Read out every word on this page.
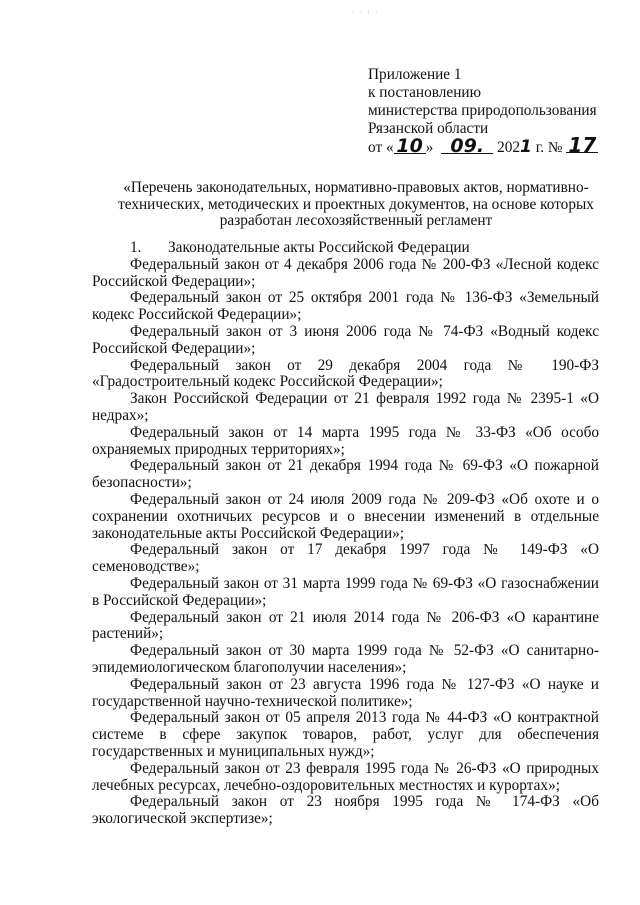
. . : .
Приложение 1
к постановлению
министерства природопользования
Рязанской области
от « 10 » 09. 2021 г. № 17
«Перечень законодательных, нормативно-правовых актов, нормативно-технических, методических и проектных документов, на основе которых разработан лесохозяйственный регламент
1. Законодательные акты Российской Федерации

Федеральный закон от 4 декабря 2006 года № 200-ФЗ «Лесной кодекс Российской Федерации»;

Федеральный закон от 25 октября 2001 года № 136-ФЗ «Земельный кодекс Российской Федерации»;

Федеральный закон от 3 июня 2006 года № 74-ФЗ «Водный кодекс Российской Федерации»;

Федеральный закон от 29 декабря 2004 года № 190-ФЗ «Градостроительный кодекс Российской Федерации»;

Закон Российской Федерации от 21 февраля 1992 года № 2395-1 «О недрах»;

Федеральный закон от 14 марта 1995 года № 33-ФЗ «Об особо охраняемых природных территориях»;

Федеральный закон от 21 декабря 1994 года № 69-ФЗ «О пожарной безопасности»;

Федеральный закон от 24 июля 2009 года № 209-ФЗ «Об охоте и о сохранении охотничьих ресурсов и о внесении изменений в отдельные законодательные акты Российской Федерации»;

Федеральный закон от 17 декабря 1997 года № 149-ФЗ «О семеноводстве»;

Федеральный закон от 31 марта 1999 года № 69-ФЗ «О газоснабжении в Российской Федерации»;

Федеральный закон от 21 июля 2014 года № 206-ФЗ «О карантине растений»;

Федеральный закон от 30 марта 1999 года № 52-ФЗ «О санитарно-эпидемиологическом благополучии населения»;

Федеральный закон от 23 августа 1996 года № 127-ФЗ «О науке и государственной научно-технической политике»;

Федеральный закон от 05 апреля 2013 года № 44-ФЗ «О контрактной системе в сфере закупок товаров, работ, услуг для обеспечения государственных и муниципальных нужд»;

Федеральный закон от 23 февраля 1995 года № 26-ФЗ «О природных лечебных ресурсах, лечебно-оздоровительных местностях и курортах»;

Федеральный закон от 23 ноября 1995 года № 174-ФЗ «Об экологической экспертизе»;
